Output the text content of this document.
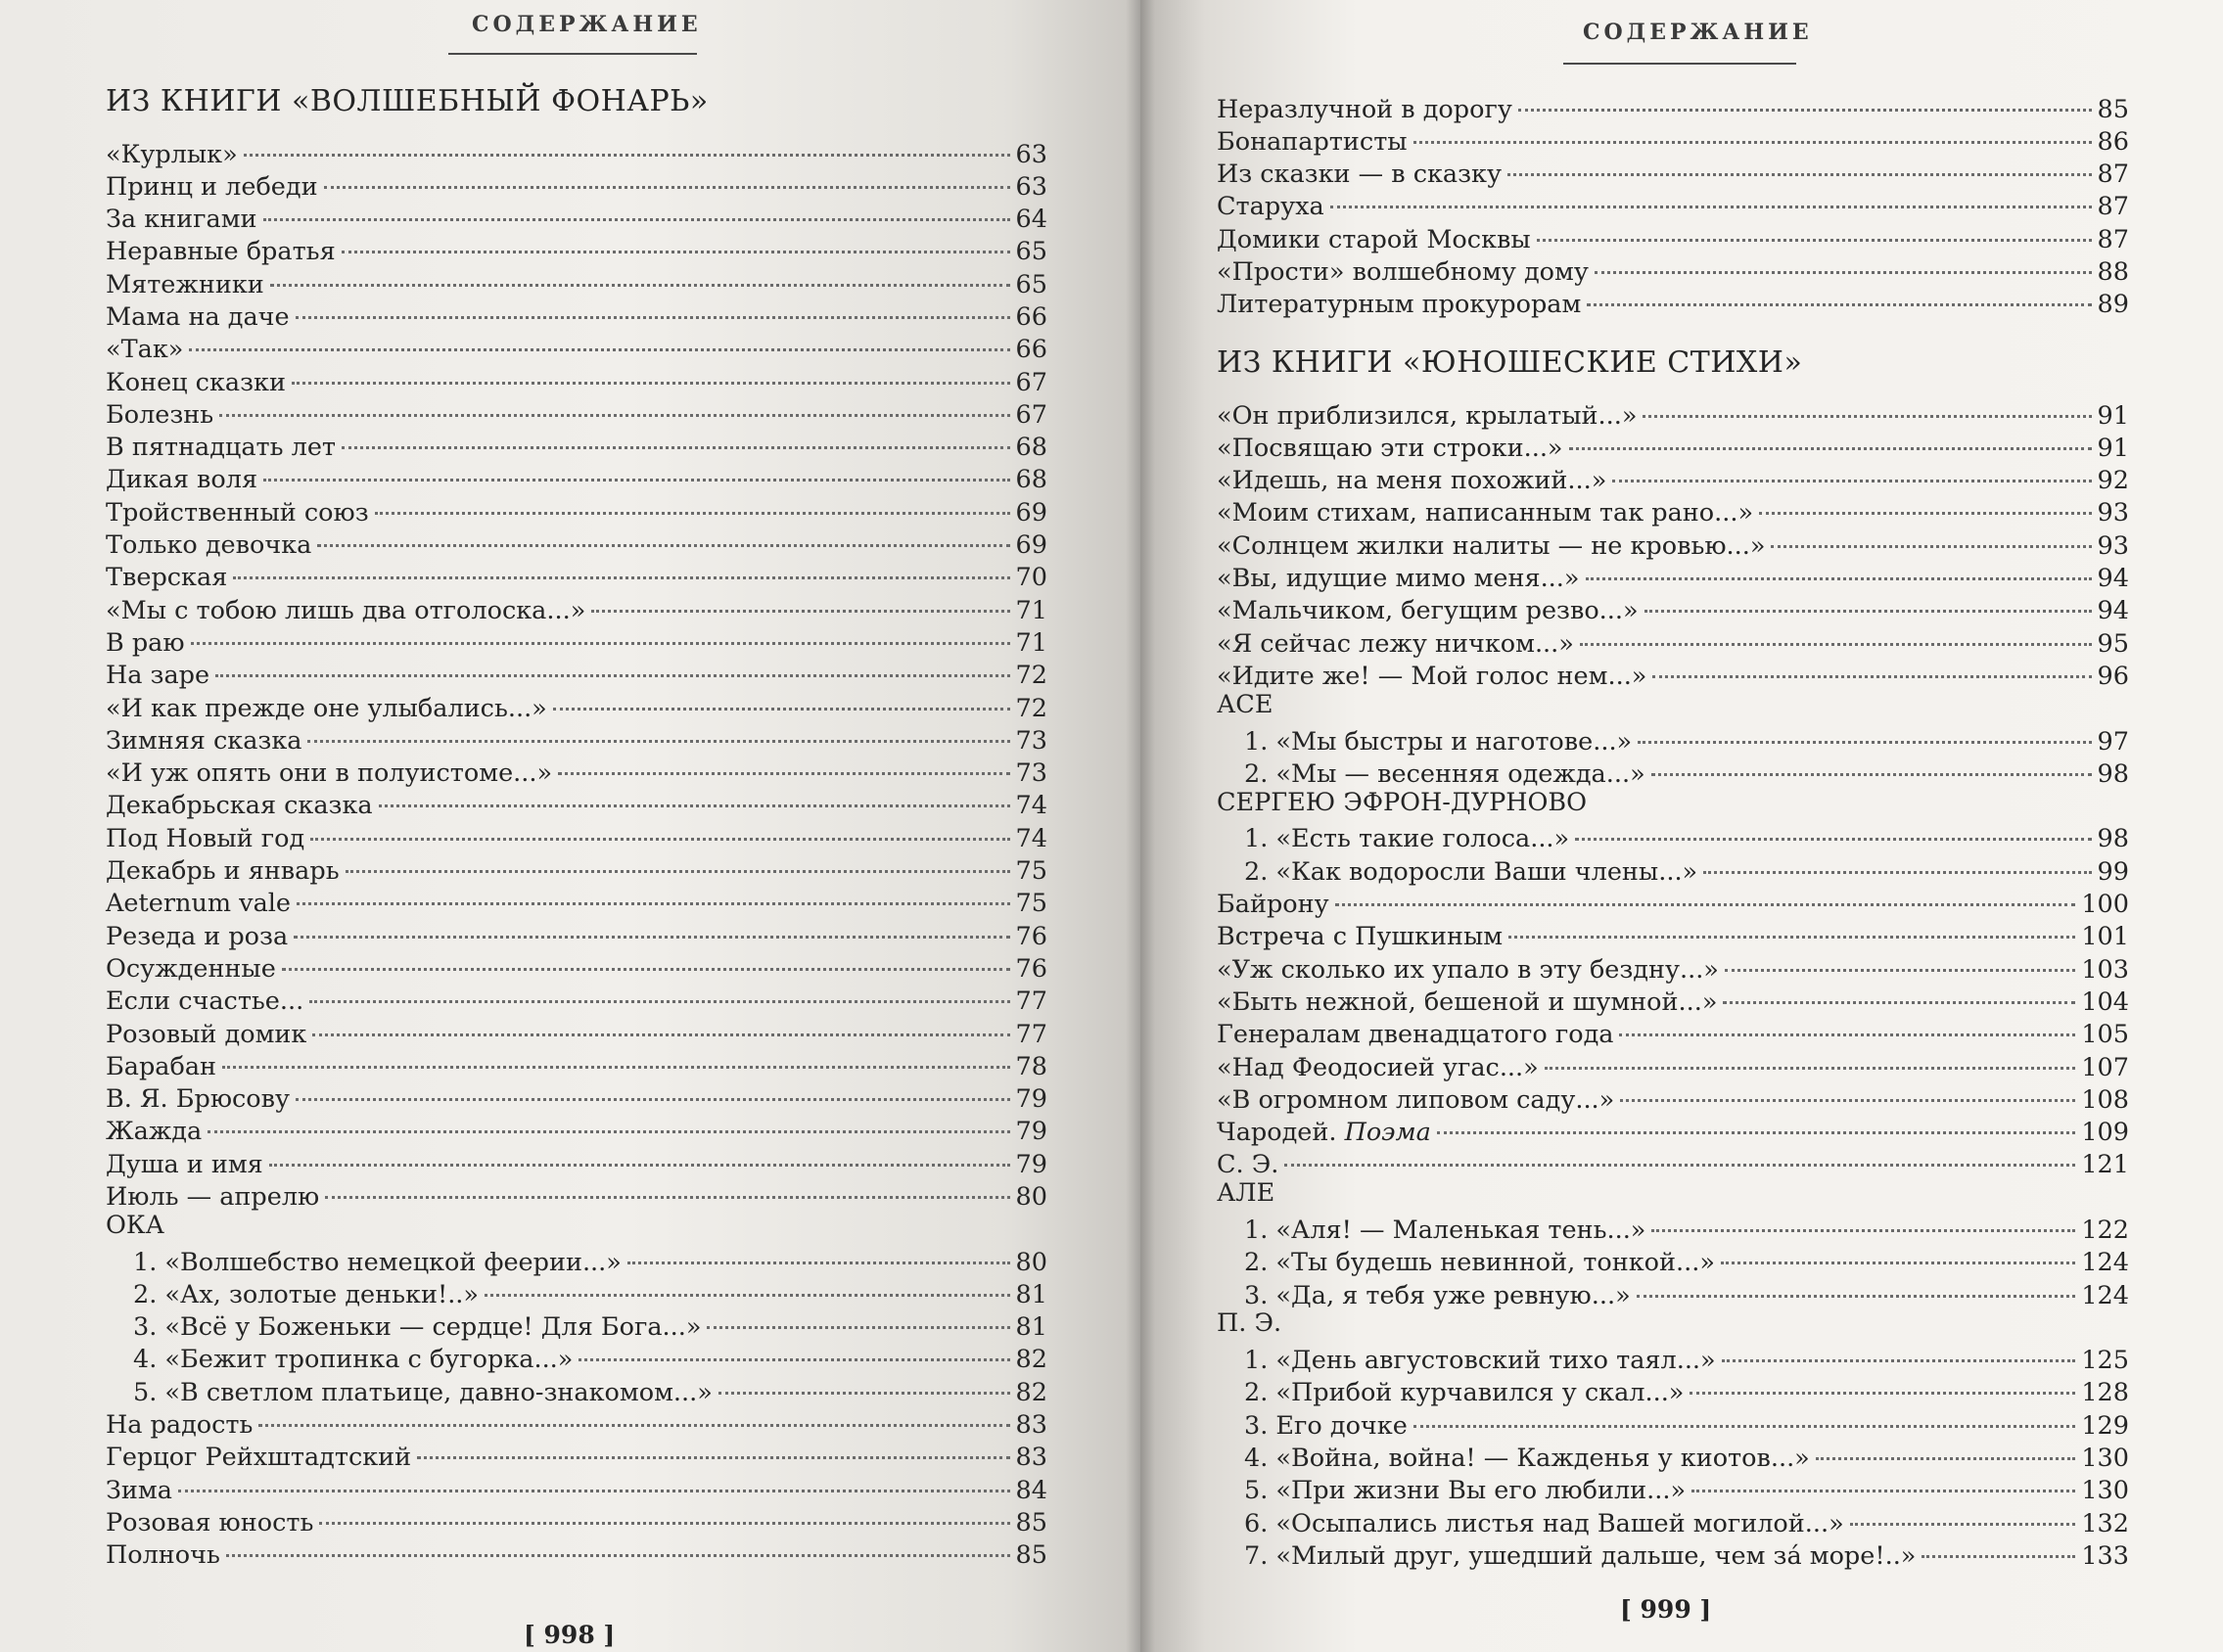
СОДЕРЖАНИЕ
ИЗ КНИГИ «ВОЛШЕБНЫЙ ФОНАРЬ»
«Курлык»	63
Принц и лебеди	63
За книгами	64
Неравные братья	65
Мятежники	65
Мама на даче	66
«Так»	66
Конец сказки	67
Болезнь	67
В пятнадцать лет	68
Дикая воля	68
Тройственный союз	69
Только девочка	69
Тверская	70
«Мы с тобою лишь два отголоска...»	71
В раю	71
На заре	72
«И как прежде оне улыбались...»	72
Зимняя сказка	73
«И уж опять они в полуистоме...»	73
Декабрьская сказка	74
Под Новый год	74
Декабрь и январь	75
Aeternum vale	75
Резеда и роза	76
Осужденные	76
Если счастье...	77
Розовый домик	77
Барабан	78
В. Я. Брюсову	79
Жажда	79
Душа и имя	79
Июль — апрелю	80
ОКА
1. «Волшебство немецкой феерии...»	80
2. «Ах, золотые деньки!..»	81
3. «Всё у Боженьки — сердце! Для Бога...»	81
4. «Бежит тропинка с бугорка...»	82
5. «В светлом платьице, давно-знакомом...»	82
На радость	83
Герцог Рейхштадтский	83
Зима	84
Розовая юность	85
Полночь	85
[ 998 ]
СОДЕРЖАНИЕ
Неразлучной в дорогу	85
Бонапартисты	86
Из сказки — в сказку	87
Старуха	87
Домики старой Москвы	87
«Прости» волшебному дому	88
Литературным прокурорам	89
ИЗ КНИГИ «ЮНОШЕСКИЕ СТИХИ»
«Он приблизился, крылатый...»	91
«Посвящаю эти строки...»	91
«Идешь, на меня похожий...»	92
«Моим стихам, написанным так рано...»	93
«Солнцем жилки налиты — не кровью...»	93
«Вы, идущие мимо меня...»	94
«Мальчиком, бегущим резво...»	94
«Я сейчас лежу ничком...»	95
«Идите же! — Мой голос нем...»	96
АСЕ
1. «Мы быстры и наготове...»	97
2. «Мы — весенняя одежда...»	98
СЕРГЕЮ ЭФРОН-ДУРНОВО
1. «Есть такие голоса...»	98
2. «Как водоросли Ваши члены...»	99
Байрону	100
Встреча с Пушкиным	101
«Уж сколько их упало в эту бездну...»	103
«Быть нежной, бешеной и шумной...»	104
Генералам двенадцатого года	105
«Над Феодосией угас...»	107
«В огромном липовом саду...»	108
Чародей. Поэма	109
С. Э.	121
АЛЕ
1. «Аля! — Маленькая тень...»	122
2. «Ты будешь невинной, тонкой...»	124
3. «Да, я тебя уже ревную...»	124
П. Э.
1. «День августовский тихо таял...»	125
2. «Прибой курчавился у скал...»	128
3. Его дочке	129
4. «Война, война! — Кажденья у киотов...»	130
5. «При жизни Вы его любили...»	130
6. «Осыпались листья над Вашей могилой...»	132
7. «Милый друг, ушедший дальше, чем за́ море!..»	133
[ 999 ]
